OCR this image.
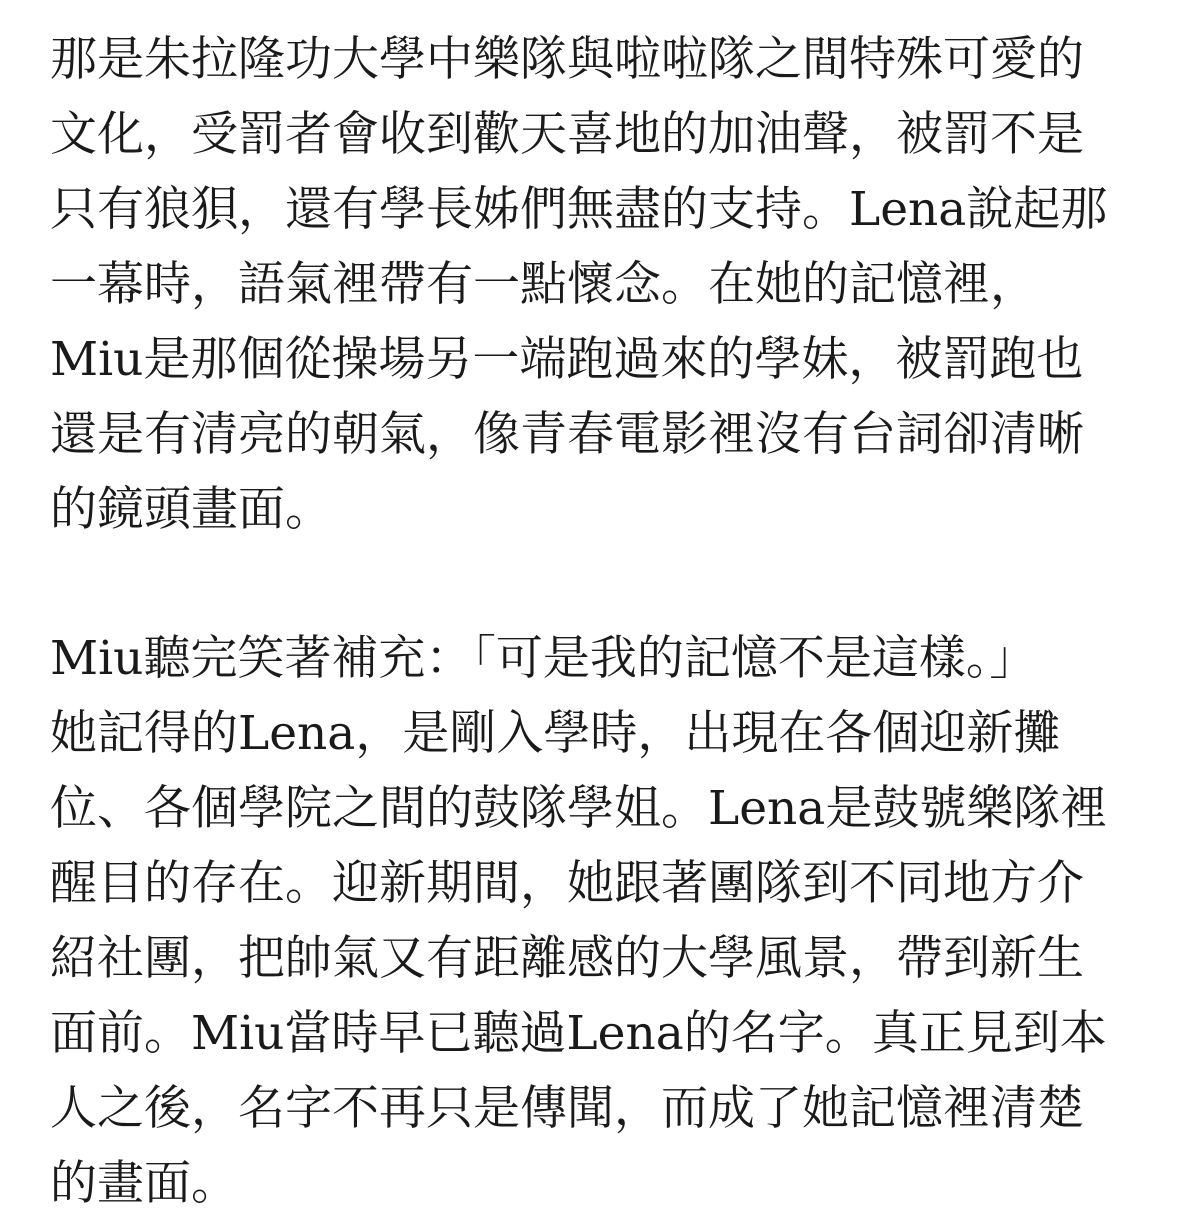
那是朱拉隆功大學中樂隊與啦啦隊之間特殊可愛的
文化，受罰者會收到歡天喜地的加油聲，被罰不是
只有狼狽，還有學長姊們無盡的支持。Lena說起那
一幕時，語氣裡帶有一點懷念。在她的記憶裡，
Miu是那個從操場另一端跑過來的學妹，被罰跑也
還是有清亮的朝氣，像青春電影裡沒有台詞卻清晰
的鏡頭畫面。
Miu聽完笑著補充：「可是我的記憶不是這樣。」
她記得的Lena，是剛入學時，出現在各個迎新攤
位、各個學院之間的鼓隊學姐。Lena是鼓號樂隊裡
醒目的存在。迎新期間，她跟著團隊到不同地方介
紹社團，把帥氣又有距離感的大學風景，帶到新生
面前。Miu當時早已聽過Lena的名字。真正見到本
人之後，名字不再只是傳聞，而成了她記憶裡清楚
的畫面。
